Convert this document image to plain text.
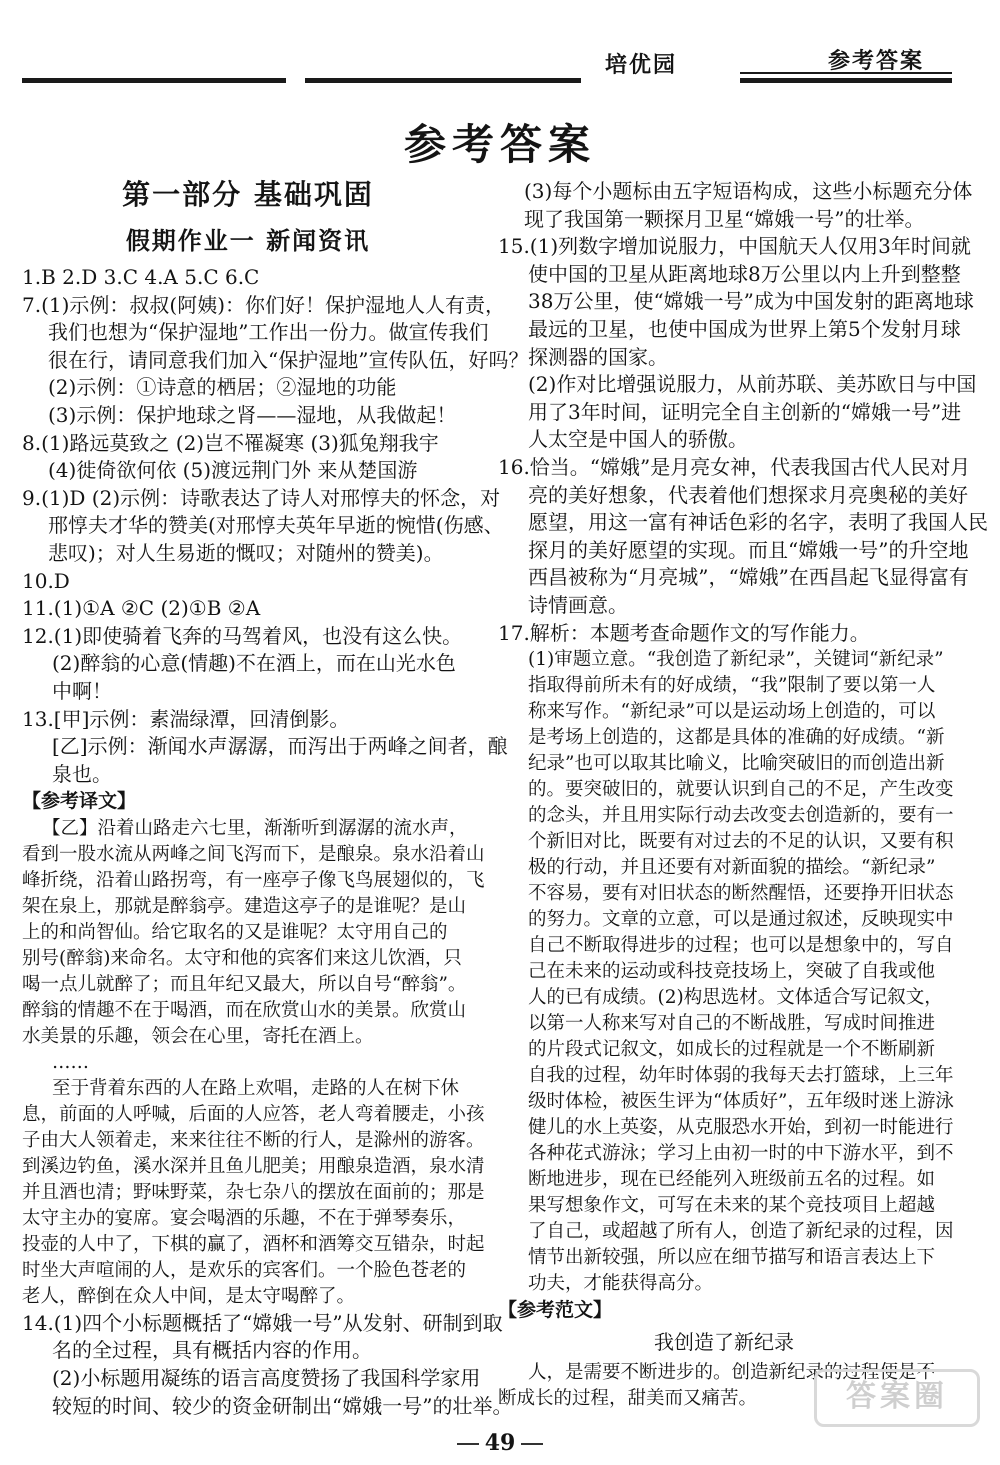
培优园	参考答案
参考答案
第一部分 基础巩固
假期作业一 新闻资讯

1.B 2.D 3.C 4.A 5.C 6.C

7.(1)示例：叔叔(阿姨)：你们好！保护湿地人人有责，

我们也想为“保护湿地”工作出一份力。做宣传我们

很在行，请同意我们加入“保护湿地”宣传队伍，好吗？

(2)示例：①诗意的栖居；②湿地的功能

(3)示例：保护地球之肾——湿地，从我做起！

8.(1)路远莫致之 (2)岂不罹凝寒 (3)狐兔翔我宇

(4)徙倚欲何依 (5)渡远荆门外 来从楚国游

9.(1)D (2)示例：诗歌表达了诗人对邢惇夫的怀念，对

邢惇夫才华的赞美(对邢惇夫英年早逝的惋惜(伤感、

悲叹)；对人生易逝的慨叹；对随州的赞美)。

10.D

11.(1)①A ②C (2)①B ②A

12.(1)即使骑着飞奔的马驾着风，也没有这么快。

(2)醉翁的心意(情趣)不在酒上，而在山光水色

中啊！

13.[甲]示例：素湍绿潭，回清倒影。

[乙]示例：渐闻水声潺潺，而泻出于两峰之间者，酿

泉也。

【参考译文】

【乙】沿着山路走六七里，渐渐听到潺潺的流水声，

看到一股水流从两峰之间飞泻而下，是酿泉。泉水沿着山

峰折绕，沿着山路拐弯，有一座亭子像飞鸟展翅似的，飞

架在泉上，那就是醉翁亭。建造这亭子的是谁呢？是山

上的和尚智仙。给它取名的又是谁呢？太守用自己的

别号(醉翁)来命名。太守和他的宾客们来这儿饮酒，只

喝一点儿就醉了；而且年纪又最大，所以自号“醉翁”。

醉翁的情趣不在于喝酒，而在欣赏山水的美景。欣赏山

水美景的乐趣，领会在心里，寄托在酒上。

……

至于背着东西的人在路上欢唱，走路的人在树下休

息，前面的人呼喊，后面的人应答，老人弯着腰走，小孩

子由大人领着走，来来往往不断的行人，是滁州的游客。

到溪边钓鱼，溪水深并且鱼儿肥美；用酿泉造酒，泉水清

并且酒也清；野味野菜，杂七杂八的摆放在面前的；那是

太守主办的宴席。宴会喝酒的乐趣，不在于弹琴奏乐，

投壶的人中了，下棋的赢了，酒杯和酒筹交互错杂，时起

时坐大声喧闹的人，是欢乐的宾客们。一个脸色苍老的

老人，醉倒在众人中间，是太守喝醉了。

14.(1)四个小标题概括了“嫦娥一号”从发射、研制到取

名的全过程，具有概括内容的作用。

(2)小标题用凝练的语言高度赞扬了我国科学家用

较短的时间、较少的资金研制出“嫦娥一号”的壮举。

(3)每个小题标由五字短语构成，这些小标题充分体

现了我国第一颗探月卫星“嫦娥一号”的壮举。

15.(1)列数字增加说服力，中国航天人仅用3年时间就

使中国的卫星从距离地球8万公里以内上升到整整

38万公里，使“嫦娥一号”成为中国发射的距离地球

最远的卫星，也使中国成为世界上第5个发射月球

探测器的国家。

(2)作对比增强说服力，从前苏联、美苏欧日与中国

用了3年时间，证明完全自主创新的“嫦娥一号”进

人太空是中国人的骄傲。

16.恰当。“嫦娥”是月亮女神，代表我国古代人民对月

亮的美好想象，代表着他们想探求月亮奥秘的美好

愿望，用这一富有神话色彩的名字，表明了我国人民

探月的美好愿望的实现。而且“嫦娥一号”的升空地

西昌被称为“月亮城”，“嫦娥”在西昌起飞显得富有

诗情画意。

17.解析：本题考查命题作文的写作能力。

(1)审题立意。“我创造了新纪录”，关键词“新纪录”

指取得前所未有的好成绩，“我”限制了要以第一人

称来写作。“新纪录”可以是运动场上创造的，可以

是考场上创造的，这都是具体的准确的好成绩。“新

纪录”也可以取其比喻义，比喻突破旧的而创造出新

的。要突破旧的，就要认识到自己的不足，产生改变

的念头，并且用实际行动去改变去创造新的，要有一

个新旧对比，既要有对过去的不足的认识，又要有积

极的行动，并且还要有对新面貌的描绘。“新纪录”

不容易，要有对旧状态的断然醒悟，还要挣开旧状态

的努力。文章的立意，可以是通过叙述，反映现实中

自己不断取得进步的过程；也可以是想象中的，写自

己在未来的运动或科技竞技场上，突破了自我或他

人的已有成绩。(2)构思选材。文体适合写记叙文，

以第一人称来写对自己的不断战胜，写成时间推进

的片段式记叙文，如成长的过程就是一个不断刷新

自我的过程，幼年时体弱的我每天去打篮球，上三年

级时体检，被医生评为“体质好”，五年级时迷上游泳

健儿的水上英姿，从克服恐水开始，到初一时能进行

各种花式游泳；学习上由初一时的中下游水平，到不

断地进步，现在已经能列入班级前五名的过程。如

果写想象作文，可写在未来的某个竞技项目上超越

了自己，或超越了所有人，创造了新纪录的过程，因

情节出新较强，所以应在细节描写和语言表达上下

功夫，才能获得高分。

【参考范文】

我创造了新纪录

人，是需要不断进步的。创造新纪录的过程便是不

断成长的过程，甜美而又痛苦。

49
答案圈
